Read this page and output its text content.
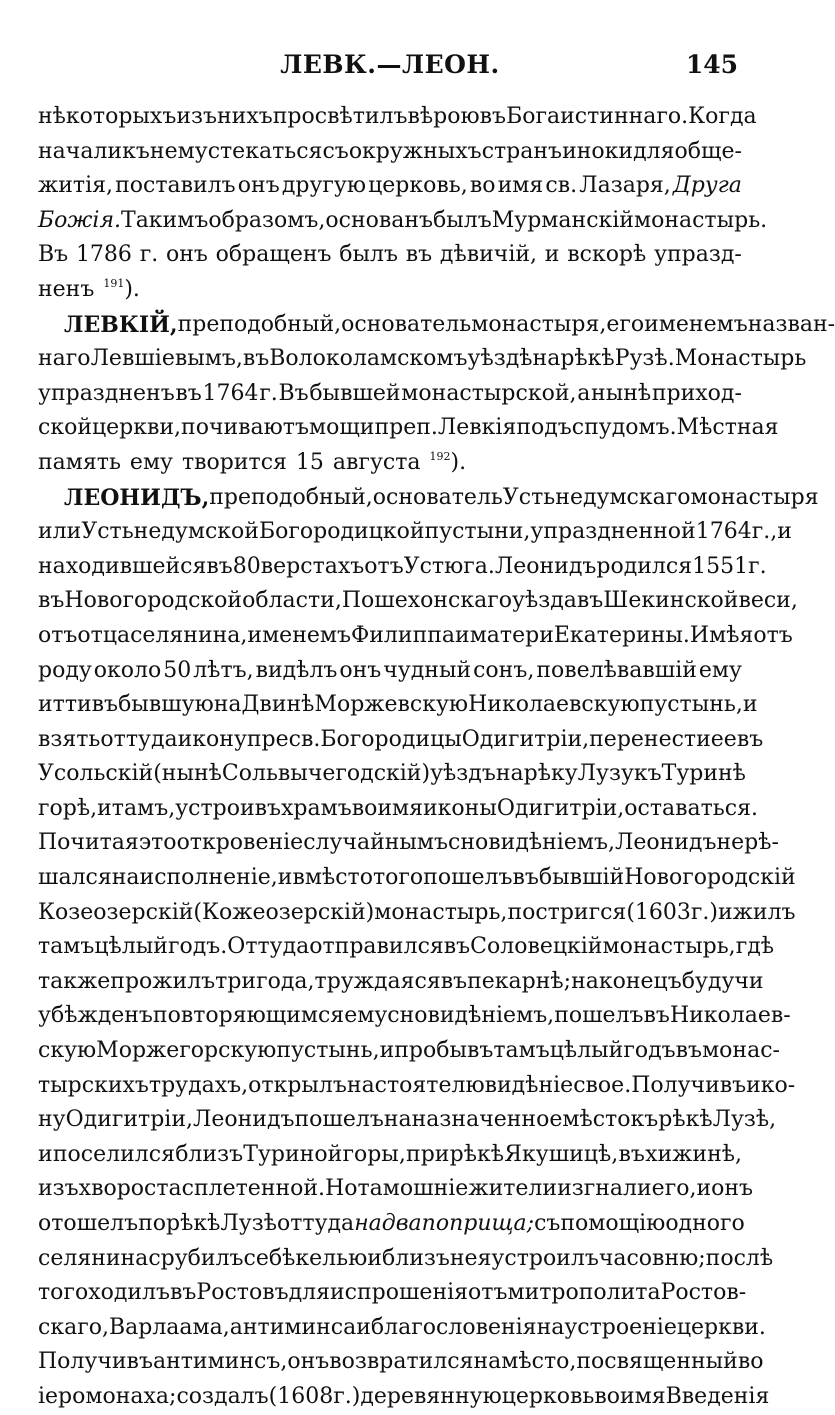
ЛЕВК.—ЛЕОН.	145
нѣкоторыхъ изъ нихъ просвѣтилъ вѣрою въ Бога истиннаго. Когда
начали къ нему стекаться съ окружныхъ странъ иноки для обще-
житія, поставилъ онъ другую церковь, во имя св. Лазаря, Друга
Божія. Такимъ образомъ, основанъ былъ Мурманскій монастырь.
Въ 1786 г. онъ обращенъ былъ въ дѣвичій, и вскорѣ упразд-
ненъ $^{191}$).
ЛЕВКІЙ, преподобный, основатель монастыря, его именемъ назван-
наго Левшіевымъ, въ Волоколамскомъ уѣздѣ на рѣкѣ Рузѣ. Монастырь
упраздненъ въ 1764 г. Въ бывшей монастырской, а нынѣ приход-
ской церкви, почиваютъ мощи преп. Левкія подъ спудомъ. Мѣстная
память ему творится 15 августа $^{192}$).
ЛЕОНИДЪ, преподобный, основатель Устьнедумскаго монастыря
или Устьнедумской Богородицкой пустыни, упраздненной 1764 г., и
находившейся въ 80 верстахъ отъ Устюга. Леонидъ родился 1551 г.
въ Новогородской области, Пошехонскаго уѣзда въ Шекинской веси,
отъ отца селянина, именемъ Филиппа и матери Екатерины. Имѣя отъ
роду около 50 лѣтъ, видѣлъ онъ чудный сонъ, повелѣвавшій ему
итти въ бывшую на Двинѣ Моржевскую Николаевскую пустынь, и
взять оттуда икону пресв. Богородицы Одигитріи, перенести ее въ
Усольскій (нынѣ Сольвычегодскій) уѣздъ на рѣку Лузу къ Туринѣ
горѣ, и тамъ, устроивъ храмъ во имя иконы Одигитріи, оставаться.
Почитая это откровеніе случайнымъ сновидѣніемъ, Леонидъ не рѣ-
шался на исполненіе, и вмѣсто того пошелъ въ бывшій Новогородскій
Козеозерскій (Кожеозерскій) монастырь, постригся (1603 г.) и жилъ
тамъ цѣлый годъ. Оттуда отправился въ Соловецкій монастырь, гдѣ
также прожилъ три года, труждаяся въ пекарнѣ; наконецъ будучи
убѣжденъ повторяющимся ему сновидѣніемъ, пошелъ въ Николаев-
скую Моржегорскую пустынь, и пробывъ тамъ цѣлый годъ въ монас-
тырскихъ трудахъ, открылъ настоятелю видѣніе свое. Получивъ ико-
ну Одигитріи, Леонидъ пошелъ на назначенное мѣсто къ рѣкѣ Лузѣ,
и поселился близъ Туриной горы, при рѣкѣ Якушицѣ, въ хижинѣ,
изъ хвороста сплетенной. Но тамошніе жители изгнали его, и онъ
отошелъ по рѣкѣ Лузѣ оттуда на два поприща; съ помощію одного
селянина срубилъ себѣ келью и близъ нея устроилъ часовню; послѣ
того ходилъ въ Ростовъ для испрошенія отъ митрополита Ростов-
скаго, Варлаама, антиминса и благословенія на устроеніе церкви.
Получивъ антиминсъ, онъ возвратился на мѣсто, посвященный во
іеромонаха; создалъ (1608 г.) деревянную церковь во имя Введенія
